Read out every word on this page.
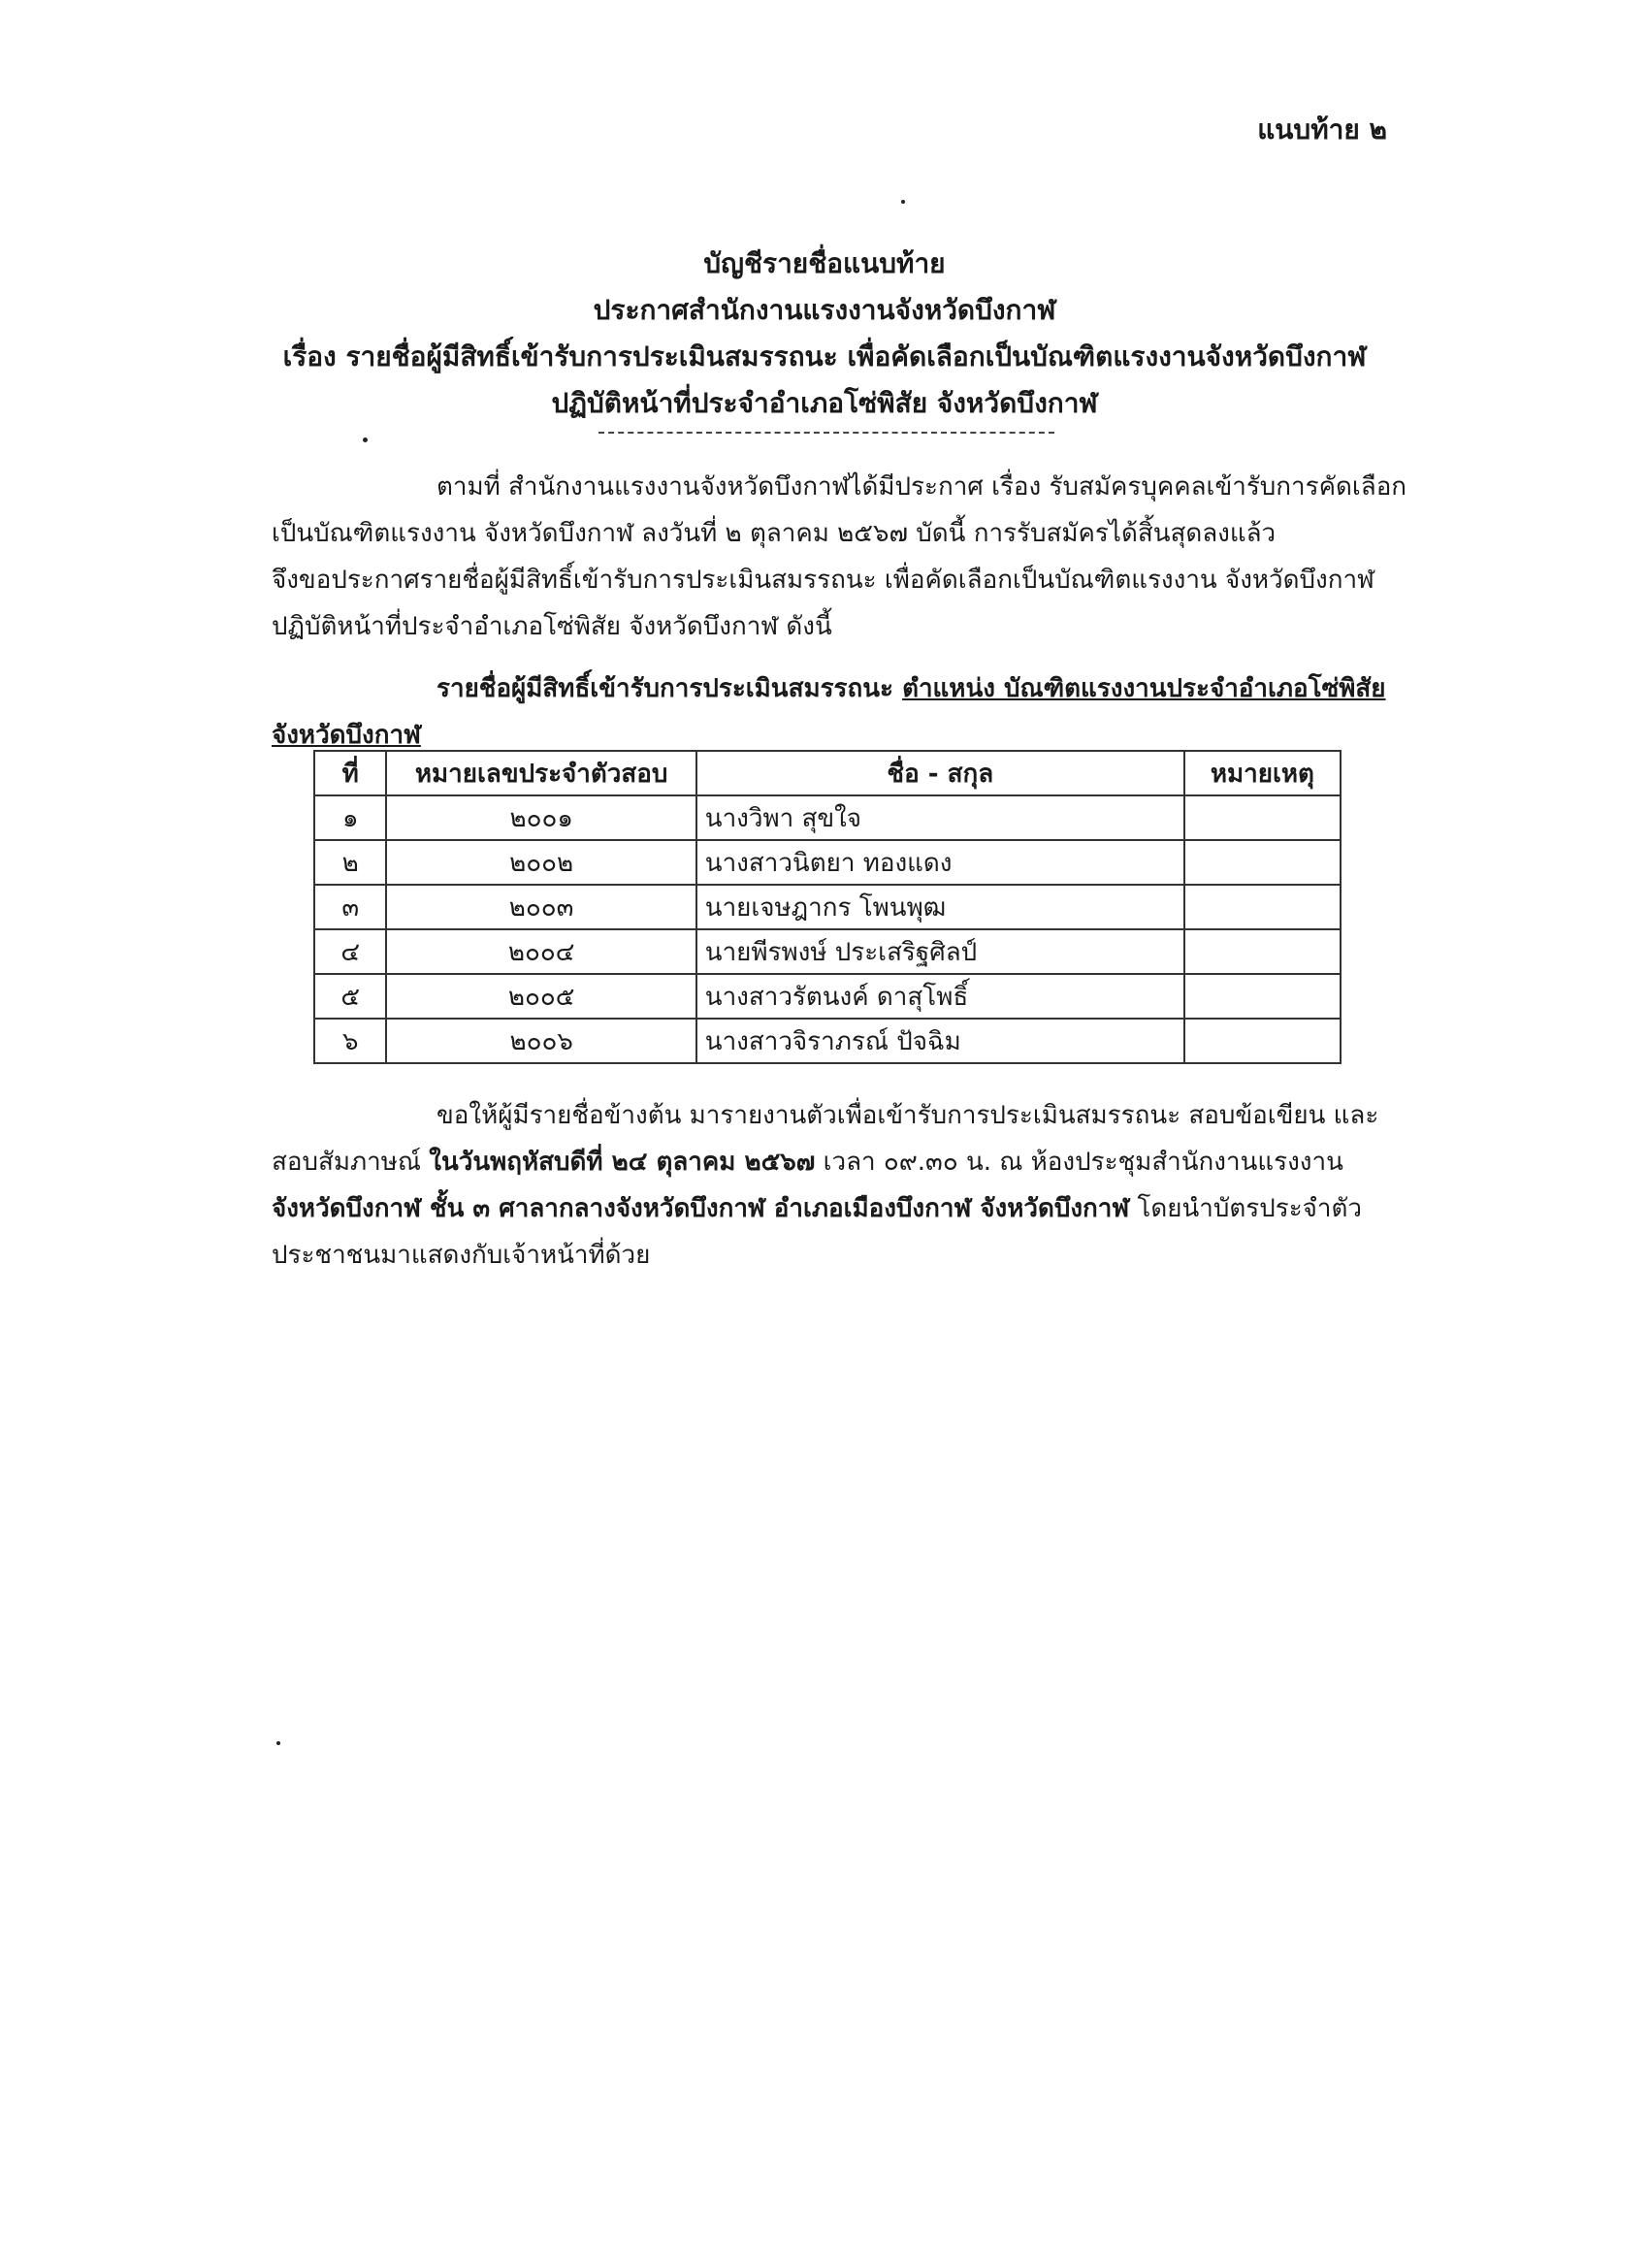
แนบท้าย ๒
บัญชีรายชื่อแนบท้าย
ประกาศสำนักงานแรงงานจังหวัดบึงกาฬ
เรื่อง รายชื่อผู้มีสิทธิ์เข้ารับการประเมินสมรรถนะ เพื่อคัดเลือกเป็นบัณฑิตแรงงานจังหวัดบึงกาฬ
ปฏิบัติหน้าที่ประจำอำเภอโซ่พิสัย จังหวัดบึงกาฬ
ตามที่ สำนักงานแรงงานจังหวัดบึงกาฬได้มีประกาศ เรื่อง รับสมัครบุคคลเข้ารับการคัดเลือก
เป็นบัณฑิตแรงงาน จังหวัดบึงกาฬ ลงวันที่ ๒ ตุลาคม ๒๕๖๗ บัดนี้ การรับสมัครได้สิ้นสุดลงแล้ว
จึงขอประกาศรายชื่อผู้มีสิทธิ์เข้ารับการประเมินสมรรถนะ เพื่อคัดเลือกเป็นบัณฑิตแรงงาน จังหวัดบึงกาฬ
ปฏิบัติหน้าที่ประจำอำเภอโซ่พิสัย จังหวัดบึงกาฬ ดังนี้
รายชื่อผู้มีสิทธิ์เข้ารับการประเมินสมรรถนะ ตำแหน่ง บัณฑิตแรงงานประจำอำเภอโซ่พิสัย
จังหวัดบึงกาฬ
ที่	หมายเลขประจำตัวสอบ	ชื่อ - สกุล	หมายเหตุ
๑	๒๐๐๑	นางวิพา สุขใจ	
๒	๒๐๐๒	นางสาวนิตยา ทองแดง	
๓	๒๐๐๓	นายเจษฎากร โพนพุฒ	
๔	๒๐๐๔	นายพีรพงษ์ ประเสริฐศิลป์	
๕	๒๐๐๕	นางสาวรัตนงค์ ดาสุโพธิ์	
๖	๒๐๐๖	นางสาวจิราภรณ์ ปัจฉิม	
ขอให้ผู้มีรายชื่อข้างต้น มารายงานตัวเพื่อเข้ารับการประเมินสมรรถนะ สอบข้อเขียน และ
สอบสัมภาษณ์ ในวันพฤหัสบดีที่ ๒๔ ตุลาคม ๒๕๖๗ เวลา ๐๙.๓๐ น. ณ ห้องประชุมสำนักงานแรงงาน
จังหวัดบึงกาฬ ชั้น ๓ ศาลากลางจังหวัดบึงกาฬ อำเภอเมืองบึงกาฬ จังหวัดบึงกาฬ โดยนำบัตรประจำตัว
ประชาชนมาแสดงกับเจ้าหน้าที่ด้วย
